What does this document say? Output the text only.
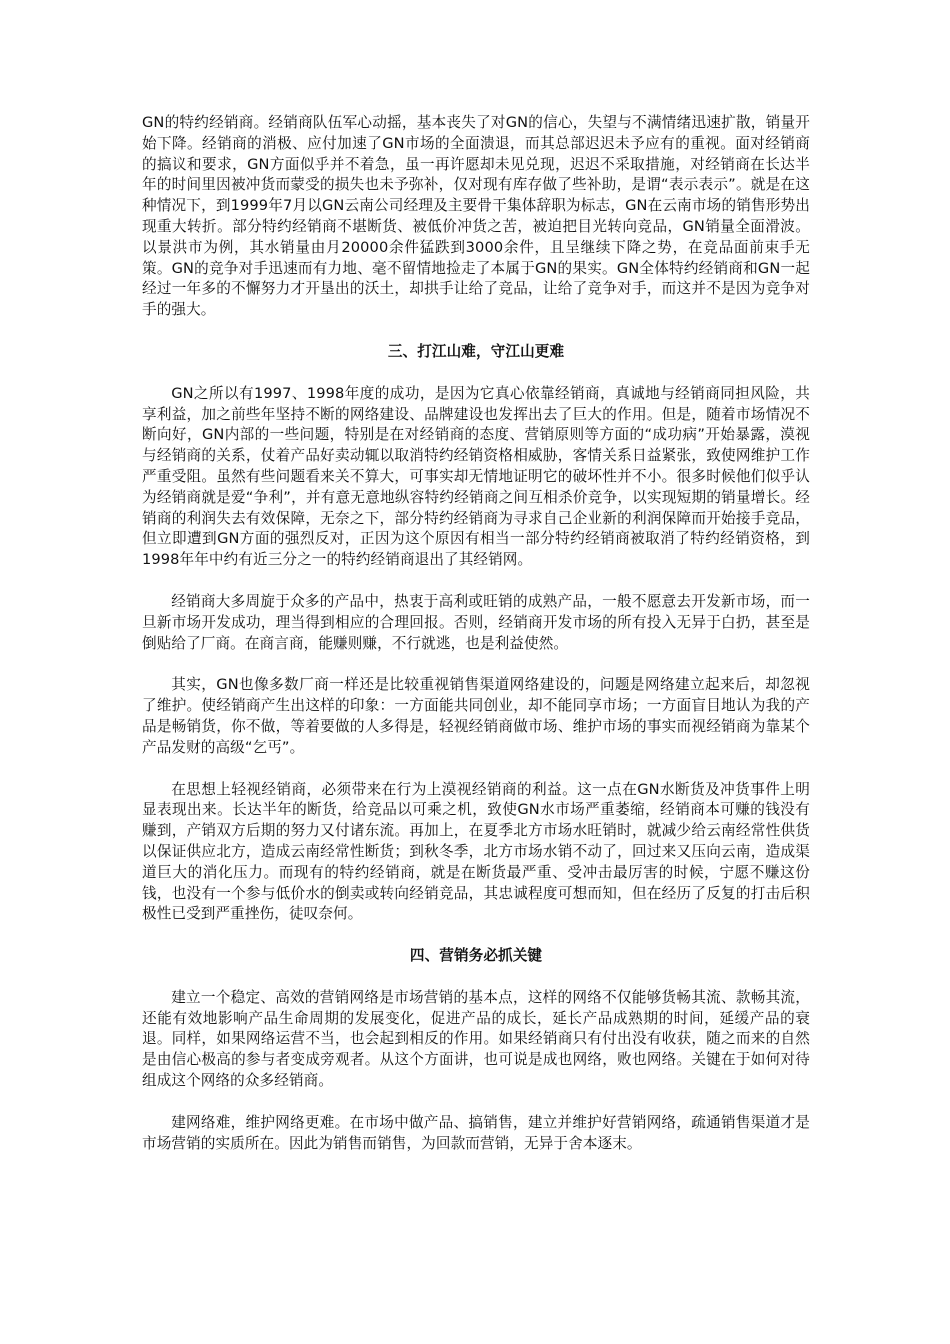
GN的特约经销商。经销商队伍军心动摇，基本丧失了对GN的信心，失望与不满情绪迅速扩散，销量开始下降。经销商的消极、应付加速了GN市场的全面溃退，而其总部迟迟未予应有的重视。面对经销商的搞议和要求，GN方面似乎并不着急，虽一再许愿却未见兑现，迟迟不采取措施，对经销商在长达半年的时间里因被冲货而蒙受的损失也未予弥补，仅对现有库存做了些补助，是谓“表示表示”。就是在这种情况下，到1999年7月以GN云南公司经理及主要骨干集体辞职为标志，GN在云南市场的销售形势出现重大转折。部分特约经销商不堪断货、被低价冲货之苦，被迫把目光转向竞品，GN销量全面滑波。以景洪市为例，其水销量由月20000余件猛跌到3000余件，且呈继续下降之势，在竞品面前束手无策。GN的竞争对手迅速而有力地、毫不留情地捡走了本属于GN的果实。GN全体特约经销商和GN一起经过一年多的不懈努力才开垦出的沃土，却拱手让给了竞品，让给了竞争对手，而这并不是因为竞争对手的强大。

三、打江山难，守江山更难

GN之所以有1997、1998年度的成功，是因为它真心依靠经销商，真诚地与经销商同担风险，共享利益，加之前些年坚持不断的网络建设、品牌建设也发挥出去了巨大的作用。但是，随着市场情况不断向好，GN内部的一些问题，特别是在对经销商的态度、营销原则等方面的“成功病”开始暴露，漠视与经销商的关系，仗着产品好卖动辄以取消特约经销资格相威胁，客情关系日益紧张，致使网维护工作严重受阻。虽然有些问题看来关不算大，可事实却无情地证明它的破坏性并不小。很多时候他们似乎认为经销商就是爱“争利”，并有意无意地纵容特约经销商之间互相杀价竞争，以实现短期的销量增长。经销商的利润失去有效保障，无奈之下，部分特约经销商为寻求自己企业新的利润保障而开始接手竞品，但立即遭到GN方面的强烈反对，正因为这个原因有相当一部分特约经销商被取消了特约经销资格，到1998年年中约有近三分之一的特约经销商退出了其经销网。

经销商大多周旋于众多的产品中，热衷于高利或旺销的成熟产品，一般不愿意去开发新市场，而一旦新市场开发成功，理当得到相应的合理回报。否则，经销商开发市场的所有投入无异于白扔，甚至是倒贴给了厂商。在商言商，能赚则赚，不行就逃，也是利益使然。

其实，GN也像多数厂商一样还是比较重视销售渠道网络建设的，问题是网络建立起来后，却忽视了维护。使经销商产生出这样的印象：一方面能共同创业，却不能同享市场；一方面盲目地认为我的产品是畅销货，你不做，等着要做的人多得是，轻视经销商做市场、维护市场的事实而视经销商为靠某个产品发财的高级“乞丐”。

在思想上轻视经销商，必须带来在行为上漠视经销商的利益。这一点在GN水断货及冲货事件上明显表现出来。长达半年的断货，给竞品以可乘之机，致使GN水市场严重萎缩，经销商本可赚的钱没有赚到，产销双方后期的努力又付诸东流。再加上，在夏季北方市场水旺销时，就减少给云南经常性供货以保证供应北方，造成云南经常性断货；到秋冬季，北方市场水销不动了，回过来又压向云南，造成渠道巨大的消化压力。而现有的特约经销商，就是在断货最严重、受冲击最厉害的时候，宁愿不赚这份钱，也没有一个参与低价水的倒卖或转向经销竞品，其忠诚程度可想而知，但在经历了反复的打击后积极性已受到严重挫伤，徒叹奈何。

四、营销务必抓关键

建立一个稳定、高效的营销网络是市场营销的基本点，这样的网络不仅能够货畅其流、款畅其流，还能有效地影响产品生命周期的发展变化，促进产品的成长，延长产品成熟期的时间，延缓产品的衰退。同样，如果网络运营不当，也会起到相反的作用。如果经销商只有付出没有收获，随之而来的自然是由信心极高的参与者变成旁观者。从这个方面讲，也可说是成也网络，败也网络。关键在于如何对待组成这个网络的众多经销商。

建网络难，维护网络更难。在市场中做产品、搞销售，建立并维护好营销网络，疏通销售渠道才是市场营销的实质所在。因此为销售而销售，为回款而营销，无异于舍本逐末。
